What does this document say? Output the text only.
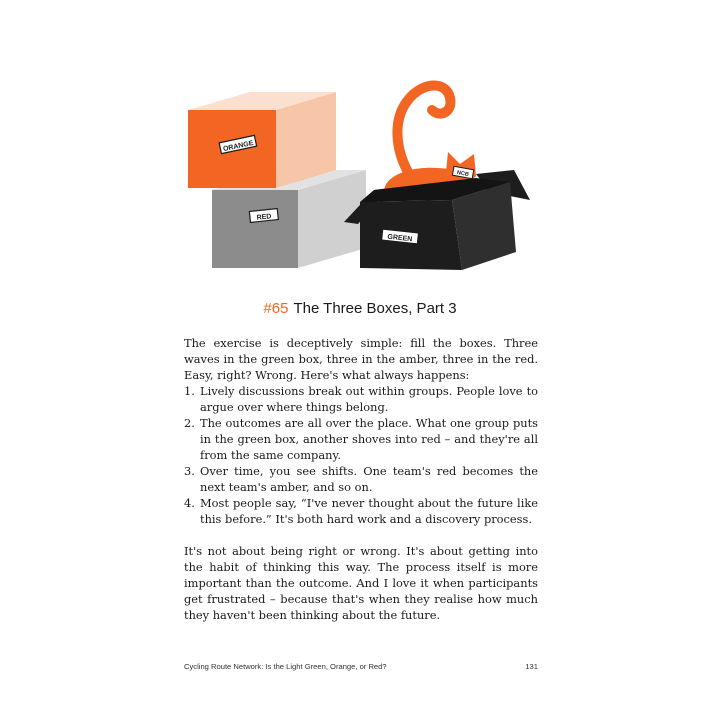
RED
ORANGE
NCB
GREEN
#65 The Three Boxes, Part 3

The exercise is deceptively simple: fill the boxes. Three waves in the green box, three in the amber, three in the red. Easy, right? Wrong. Here's what always happens:

1. Lively discussions break out within groups. People love to argue over where things belong.
2. The outcomes are all over the place. What one group puts in the green box, another shoves into red – and they're all from the same company.
3. Over time, you see shifts. One team's red becomes the next team's amber, and so on.
4. Most people say, “I've never thought about the future like this before.” It's both hard work and a discovery process.

It's not about being right or wrong. It's about getting into the habit of thinking this way. The process itself is more important than the outcome. And I love it when participants get frustrated – because that's when they realise how much they haven't been thinking about the future.

Cycling Route Network: Is the Light Green, Orange, or Red?	131
